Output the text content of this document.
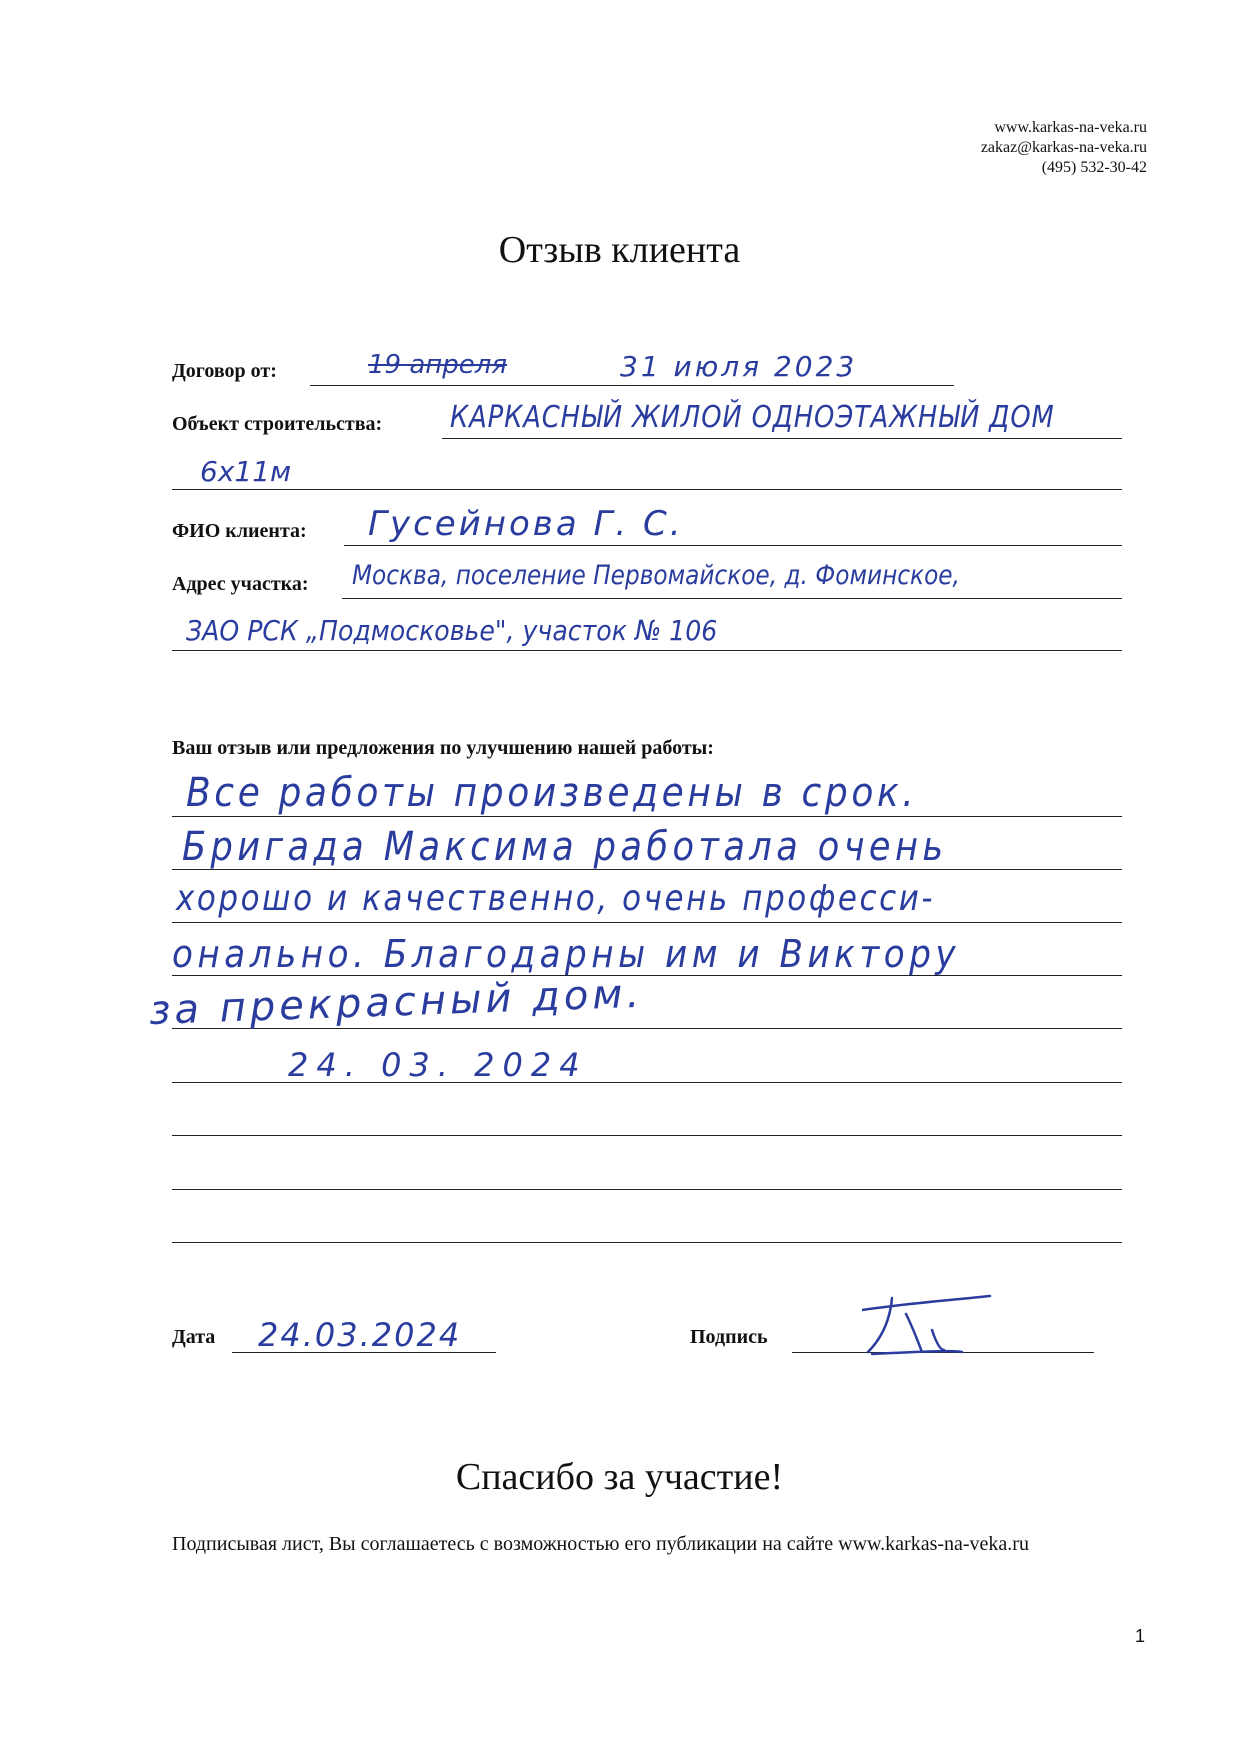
www.karkas-na-veka.ru
zakaz@karkas-na-veka.ru
(495) 532-30-42
Отзыв клиента
Договор от:	19 апреля	31 июля 2023
Объект строительства: КАРКАСНЫЙ ЖИЛОЙ ОДНОЭТАЖНЫЙ ДОМ
6х11м
ФИО клиента: Гусейнова Г. С.
Адрес участка: Москва, поселение Первомайское, д. Фоминское,
ЗАО РСК „Подмосковье", участок № 106
Ваш отзыв или предложения по улучшению нашей работы:
Все работы произведены в срок.
Бригада Максима работала очень
хорошо и качественно, очень професси-
онально. Благодарны им и Виктору
за прекрасный дом.
24. 03. 2024
Дата 24.03.2024	Подпись
Спасибо за участие!
Подписывая лист, Вы соглашаетесь с возможностью его публикации на сайте www.karkas-na-veka.ru
1
